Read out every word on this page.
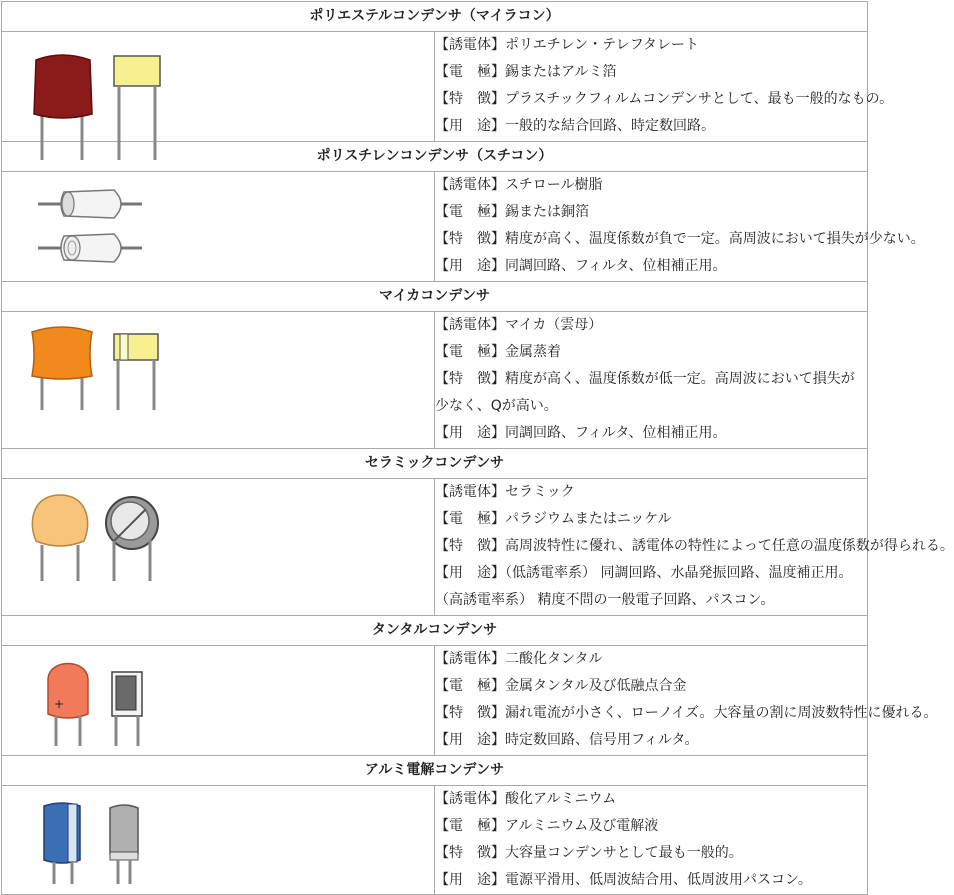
ポリエステルコンデンサ（マイラコン）	

【誘電体】ポリエチレン・テレフタレート
【電　極】錫またはアルミ箔
【特　徴】プラスチックフィルムコンデンサとして、最も一般的なもの。
【用　途】一般的な結合回路、時定数回路。

ポリスチレンコンデンサ（スチコン）	

【誘電体】スチロール樹脂
【電　極】錫または銅箔
【特　徴】精度が高く、温度係数が負で一定。高周波において損失が少ない。
【用　途】同調回路、フィルタ、位相補正用。

マイカコンデンサ	

【誘電体】マイカ（雲母）
【電　極】金属蒸着
【特　徴】精度が高く、温度係数が低一定。高周波において損失が少なく、Qが高い。
【用　途】同調回路、フィルタ、位相補正用。

セラミックコンデンサ	

【誘電体】セラミック
【電　極】パラジウムまたはニッケル
【特　徴】高周波特性に優れ、誘電体の特性によって任意の温度係数が得られる。
【用　途】（低誘電率系） 同調回路、水晶発振回路、温度補正用。
（高誘電率系） 精度不問の一般電子回路、パスコン。

タンタルコンデンサ	

+	【誘電体】二酸化タンタル
【電　極】金属タンタル及び低融点合金
【特　徴】漏れ電流が小さく、ローノイズ。大容量の割に周波数特性に優れる。
【用　途】時定数回路、信号用フィルタ。

アルミ電解コンデンサ	

【誘電体】酸化アルミニウム
【電　極】アルミニウム及び電解液
【特　徴】大容量コンデンサとして最も一般的。
【用　途】電源平滑用、低周波結合用、低周波用パスコン。
